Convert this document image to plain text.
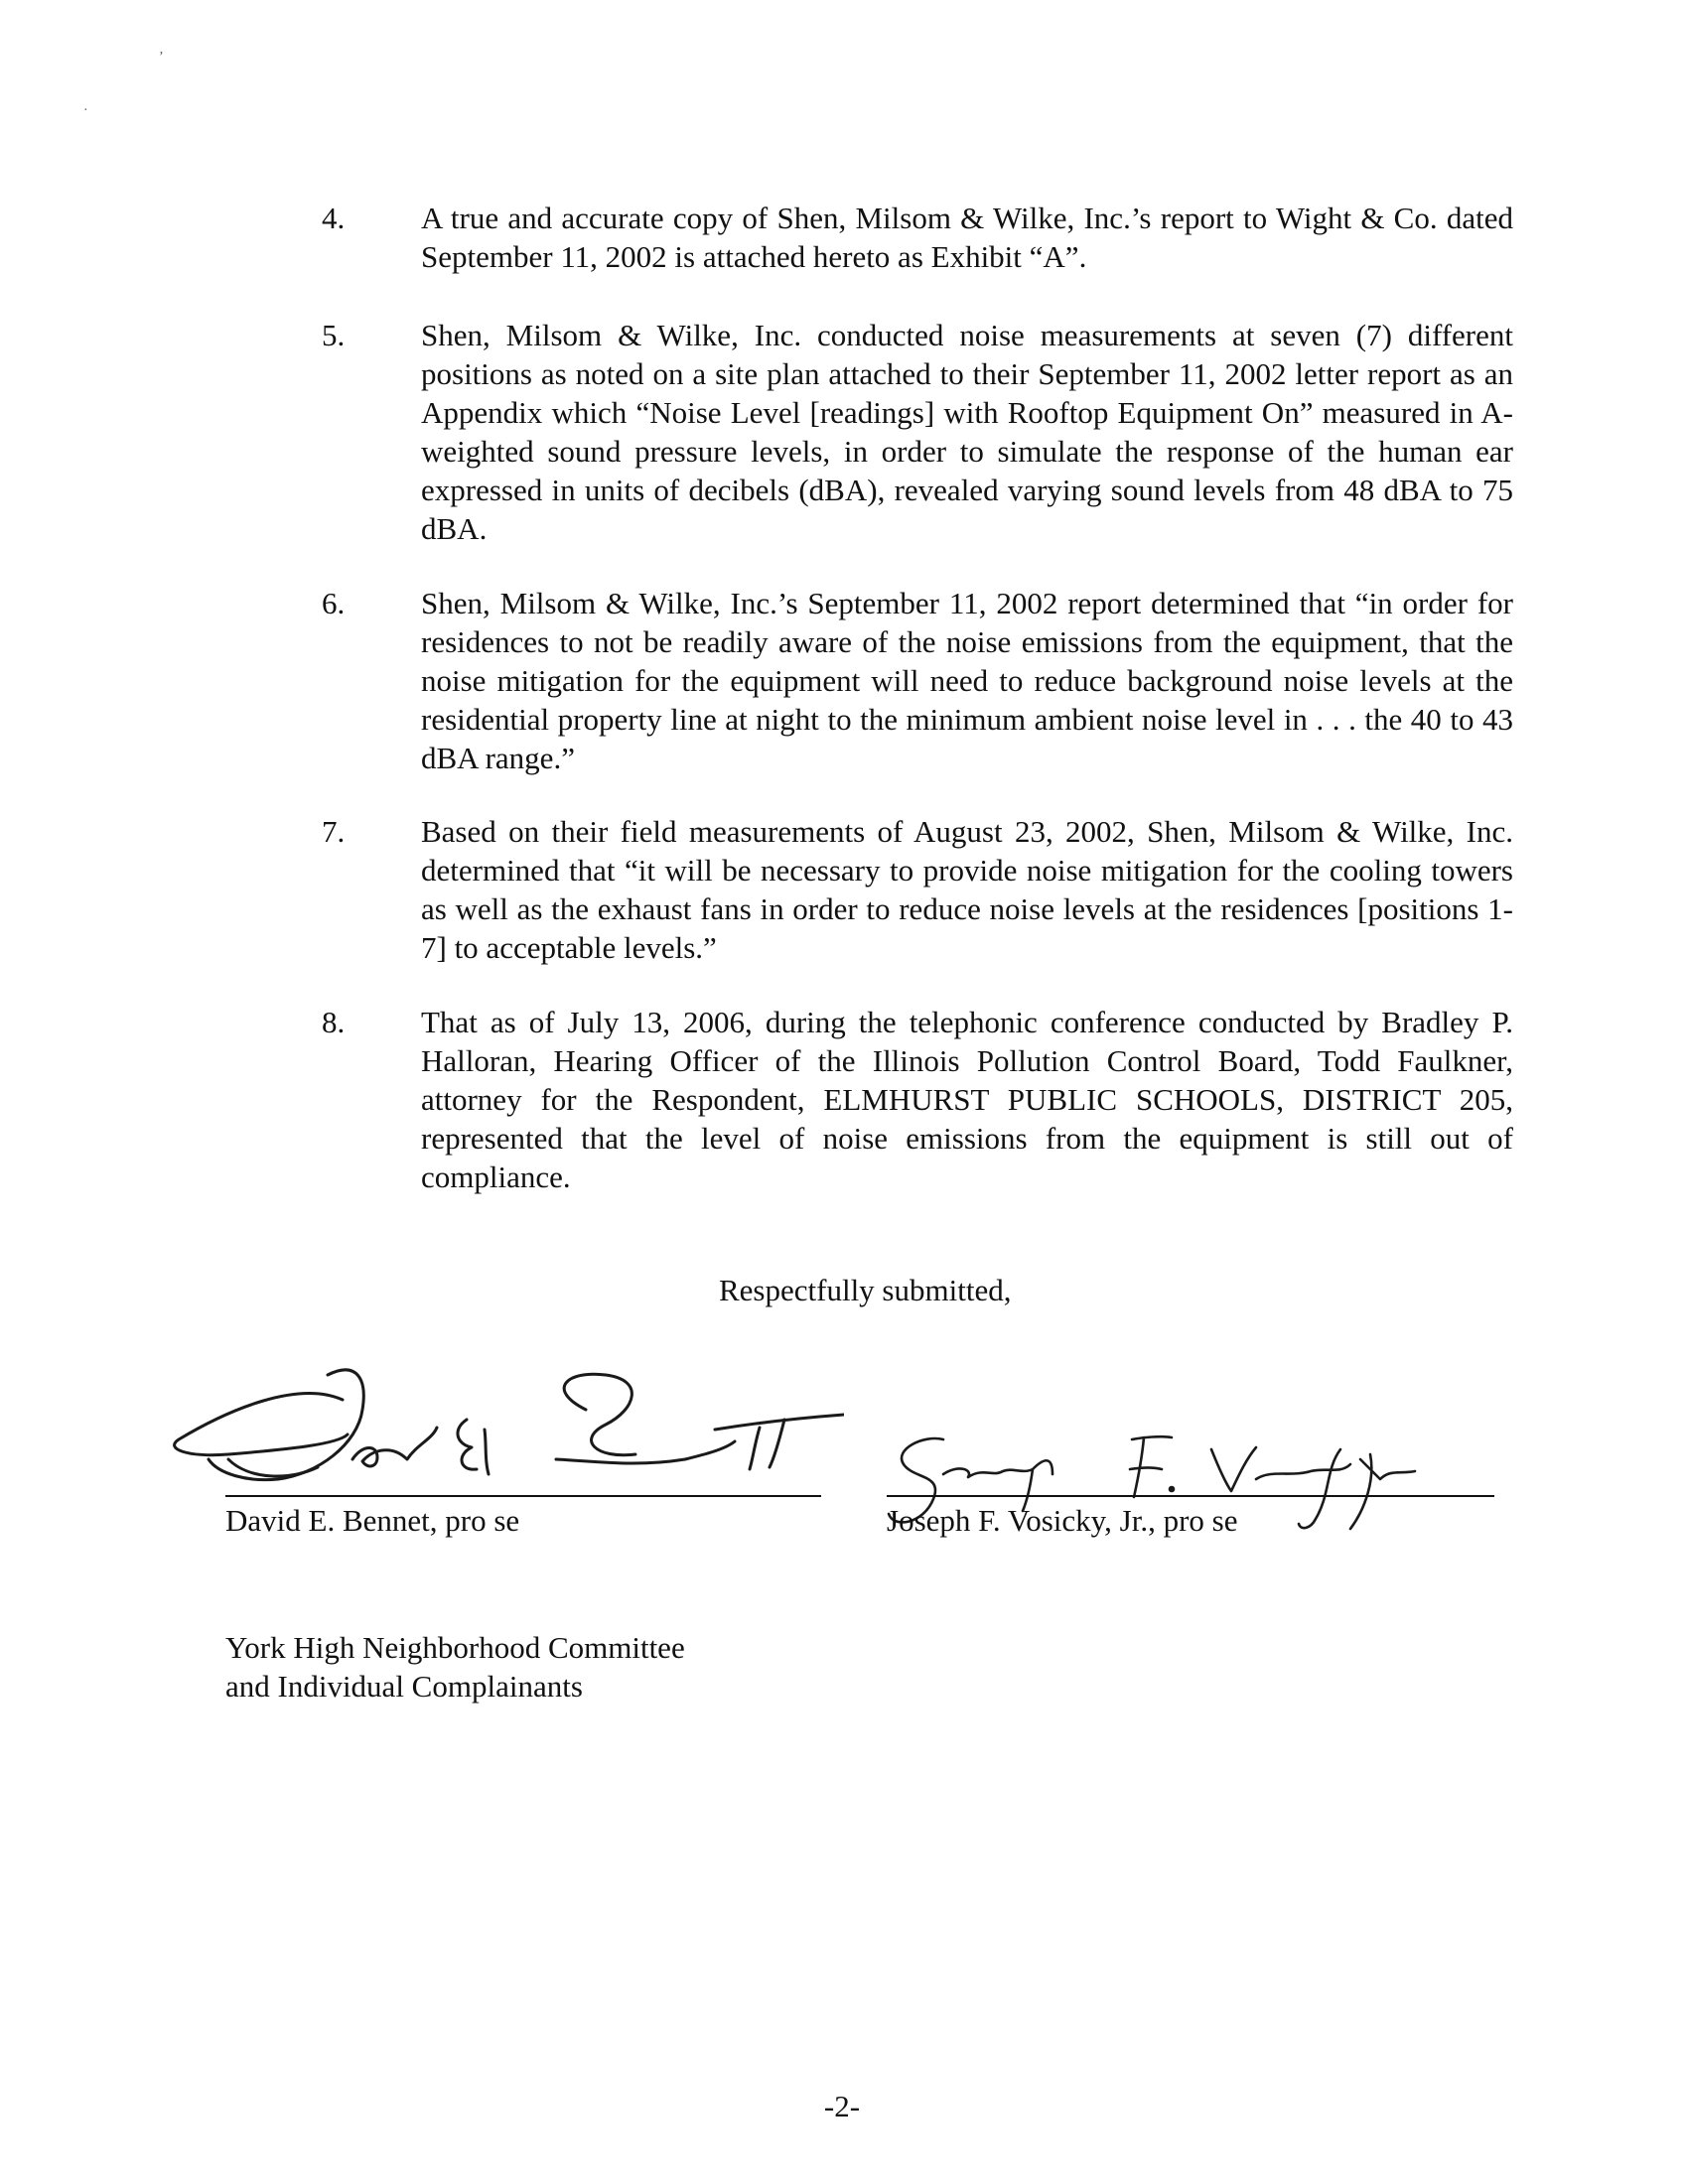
’
·
4. A true and accurate copy of Shen, Milsom & Wilke, Inc.’s report to Wight & Co. dated September 11, 2002 is attached hereto as Exhibit “A”.
5. Shen, Milsom & Wilke, Inc. conducted noise measurements at seven (7) different positions as noted on a site plan attached to their September 11, 2002 letter report as an Appendix which “Noise Level [readings] with Rooftop Equipment On” measured in A-weighted sound pressure levels, in order to simulate the response of the human ear expressed in units of decibels (dBA), revealed varying sound levels from 48 dBA to 75 dBA.
6. Shen, Milsom & Wilke, Inc.’s September 11, 2002 report determined that “in order for residences to not be readily aware of the noise emissions from the equipment, that the noise mitigation for the equipment will need to reduce background noise levels at the residential property line at night to the minimum ambient noise level in . . . the 40 to 43 dBA range.”
7. Based on their field measurements of August 23, 2002, Shen, Milsom & Wilke, Inc. determined that “it will be necessary to provide noise mitigation for the cooling towers as well as the exhaust fans in order to reduce noise levels at the residences [positions 1-7] to acceptable levels.”
8. That as of July 13, 2006, during the telephonic conference conducted by Bradley P. Halloran, Hearing Officer of the Illinois Pollution Control Board, Todd Faulkner, attorney for the Respondent, ELMHURST PUBLIC SCHOOLS, DISTRICT 205, represented that the level of noise emissions from the equipment is still out of compliance.
Respectfully submitted,
David E. Bennet, pro se	Joseph F. Vosicky, Jr., pro se
York High Neighborhood Committee
and Individual Complainants
-2-
